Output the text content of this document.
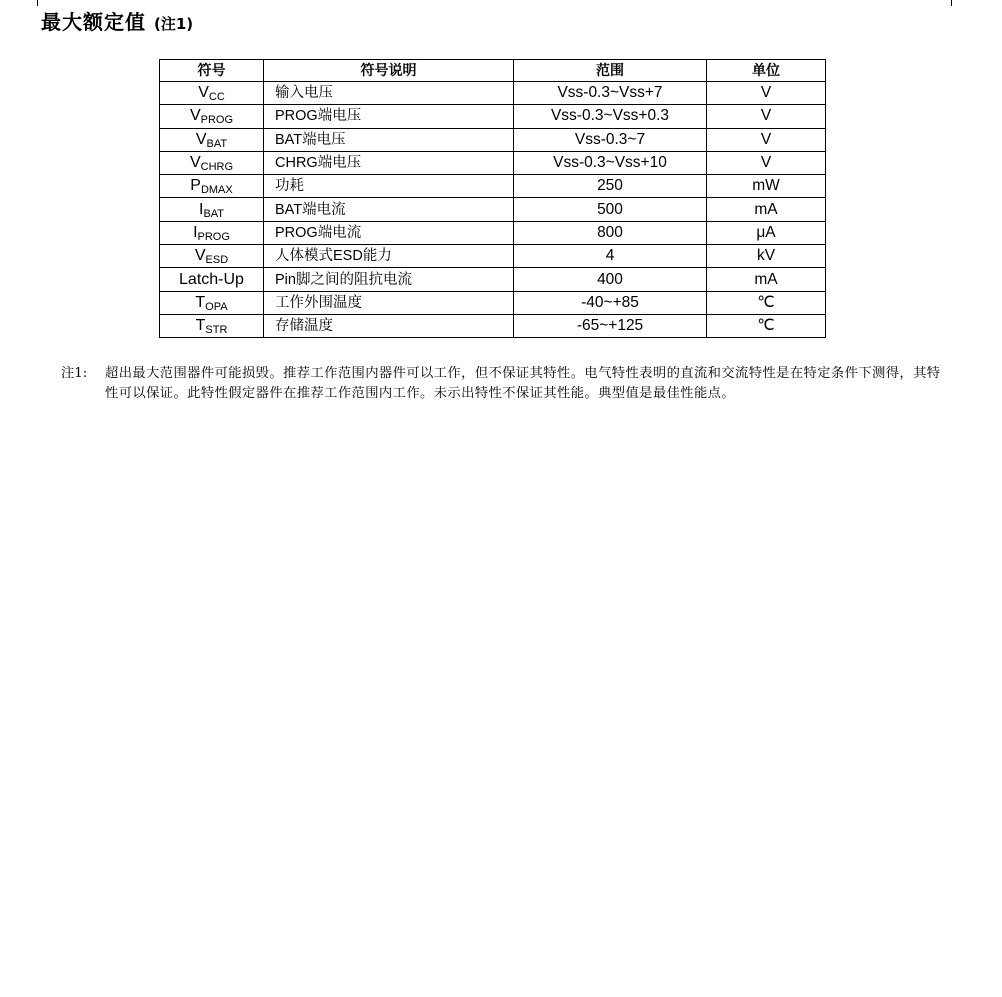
最大额定值 (注1)
符号	符号说明	范围	单位
VCC	输入电压	Vss-0.3~Vss+7	V
VPROG	PROG端电压	Vss-0.3~Vss+0.3	V
VBAT	BAT端电压	Vss-0.3~7	V
VCHRG	CHRG端电压	Vss-0.3~Vss+10	V
PDMAX	功耗	250	mW
IBAT	BAT端电流	500	mA
IPROG	PROG端电流	800	μA
VESD	人体模式ESD能力	4	kV
Latch-Up	Pin脚之间的阻抗电流	400	mA
TOPA	工作外围温度	-40~+85	℃
TSTR	存储温度	-65~+125	℃
注1:	超出最大范围器件可能损毁。推荐工作范围内器件可以工作，但不保证其特性。电气特性表明的直流和交流特性是在特定条件下测得，其特性可以保证。此特性假定器件在推荐工作范围内工作。未示出特性不保证其性能。典型值是最佳性能点。
